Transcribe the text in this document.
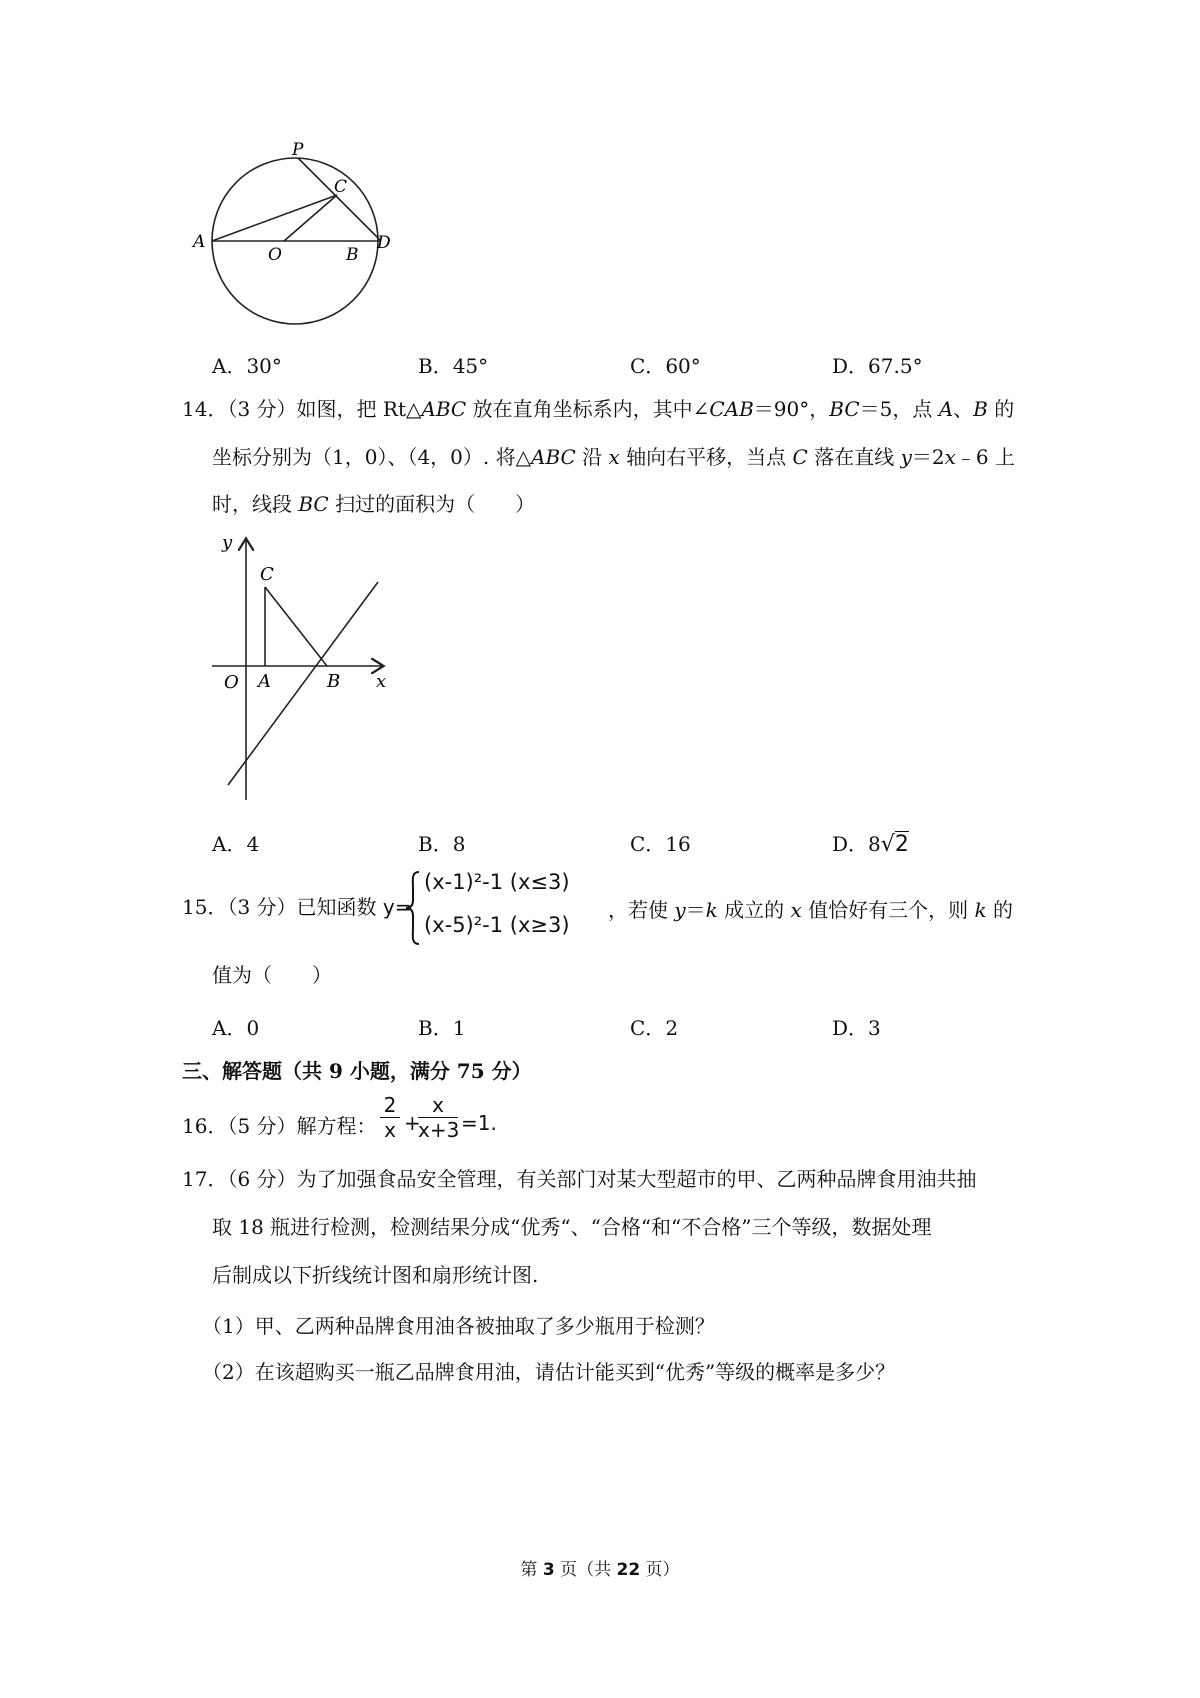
P
C
A
O	B
D
A．30°	B．45°	C．60°	D．67.5°
14．（3 分）如图，把 Rt△ABC 放在直角坐标系内，其中∠CAB＝90°，BC＝5，点 A、B 的
坐标分别为（1，0）、（4，0）. 将△ABC 沿 x 轴向右平移，当点 C 落在直线 y＝2x﹣6 上
时，线段 BC 扫过的面积为（　　）
y
C
O A	B x
A．4	B．8	C．16	D．8√2
15．（3 分）已知函数 y=
(x-1)²-1 (x≤3)
(x-5)²-1 (x≥3)
，若使 y＝k 成立的 x 值恰好有三个，则 k 的
值为（　　）
A．0	B．1	C．2	D．3
三、解答题（共 9 小题，满分 75 分）
16．（5 分）解方程：
2
x +
x
x+3 =1.
17．（6 分）为了加强食品安全管理，有关部门对某大型超市的甲、乙两种品牌食用油共抽
取 18 瓶进行检测，检测结果分成“优秀“、“合格“和“不合格”三个等级，数据处理
后制成以下折线统计图和扇形统计图.
（1）甲、乙两种品牌食用油各被抽取了多少瓶用于检测？
（2）在该超购买一瓶乙品牌食用油，请估计能买到“优秀”等级的概率是多少？
第 3 页（共 22 页）
